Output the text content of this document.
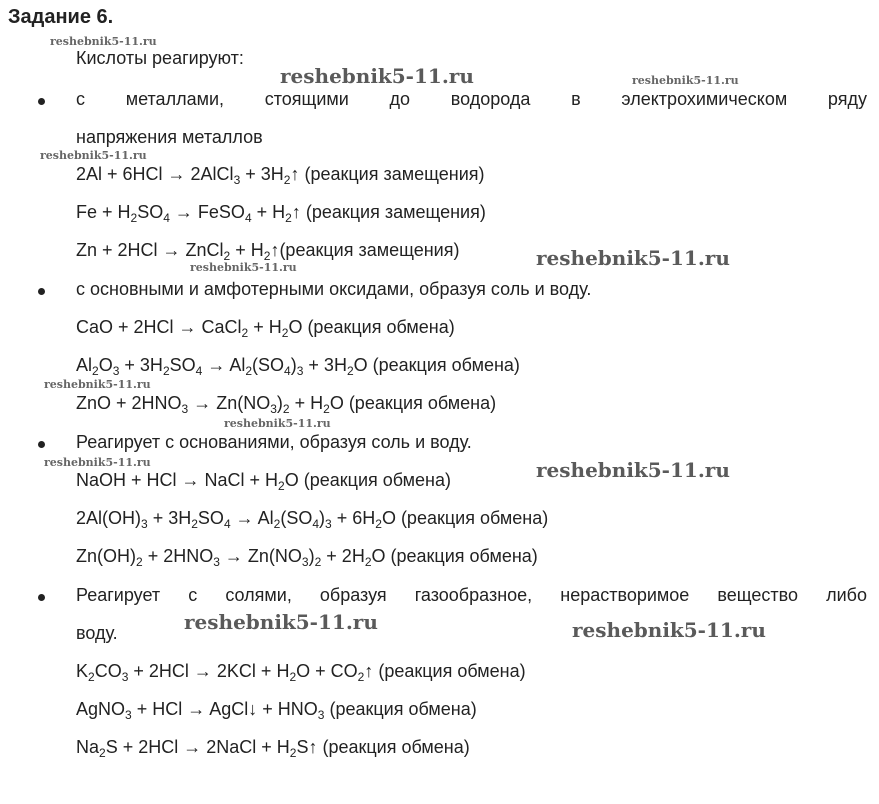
Задание 6.
Кислоты реагируют:
с металлами, стоящими до водорода в электрохимическом ряду
напряжения металлов
2Al + 6HCl → 2AlCl$_3$ + $3H_2↑$ (реакция замещения)
$Fe + H_2SO_4$ → FeSO$_4$ + $H_2↑$ (реакция замещения)
Zn + 2HCl → ZnCl$_2$ + $H_2↑(реакция$ замещения)
с основными и амфотерными оксидами, образуя соль и воду.
CaO + 2HCl → CaCl$_2$ + $H_2O$ (реакция обмена)
$Al_2O_3 + 3H_2SO_4 \to Al_2(SO_4)_3 + 3H_2O$ (реакция обмена)
ZnO + $2HNO_3 \to Zn(NO_3)_2 + H_2O$ (реакция обмена)
Реагирует с основаниями, образуя соль и воду.
NaOH + HCl → NaCl + $H_2O$ (реакция обмена)
$2Al(OH)_3 + 3H_2SO_4 \to Al_2(SO_4)_3 + 6H_2O$ (реакция обмена)
$Zn(OH)_2 + 2HNO_3 \to Zn(NO_3)_2 + 2H_2O$ (реакция обмена)
Реагирует с солями, образуя газообразное, нерастворимое вещество либо
воду.
$K_2CO_3 + 2HCl \to 2KCl + H_2O$ + $CO_2↑$ (реакция обмена)
AgNO$_3$ + HCl → AgCl↓ + $HNO_3$ (реакция обмена)
$Na_2S + 2HCl$ → 2NaCl + $H_2S↑$ (реакция обмена)
reshebnik5-11.ru
reshebnik5-11.ru	reshebnik5-11.ru
reshebnik5-11.ru
reshebnik5-11.ru
reshebnik5-11.ru
reshebnik5-11.ru
reshebnik5-11.ru
reshebnik5-11.ru	reshebnik5-11.ru
reshebnik5-11.ru	reshebnik5-11.ru
